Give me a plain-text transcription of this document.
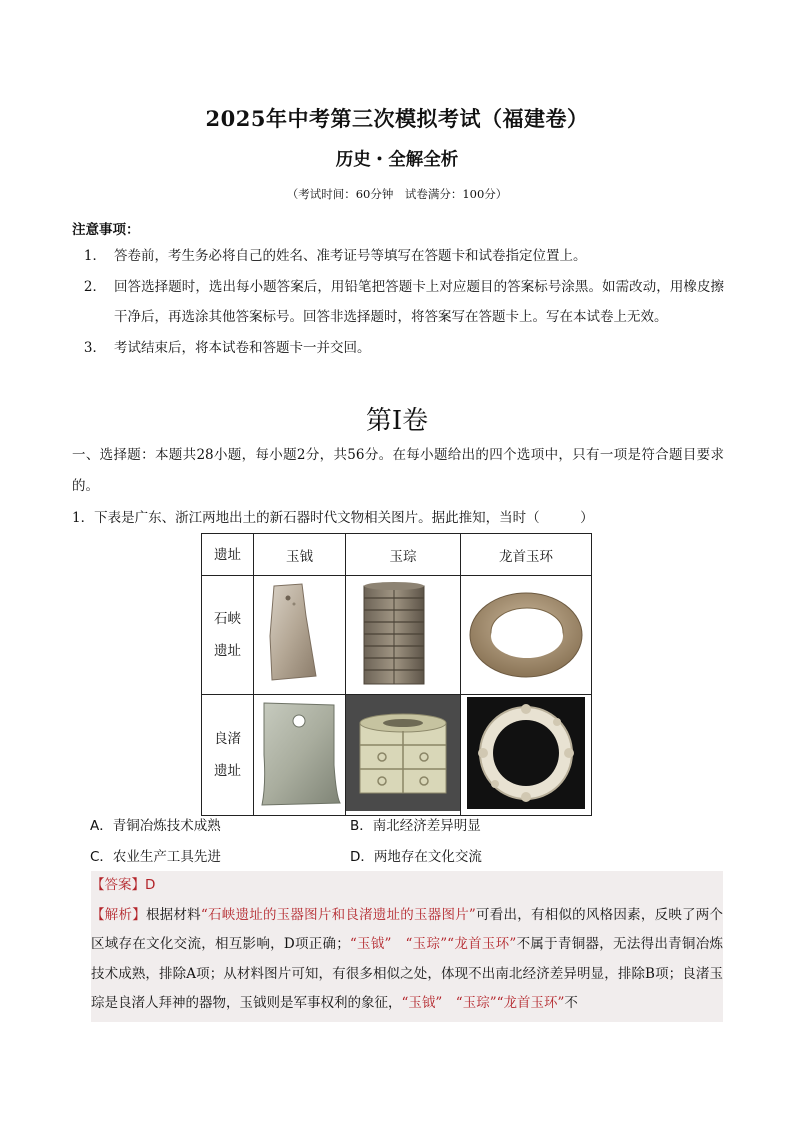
2025年中考第三次模拟考试（福建卷）
历史・全解全析
（考试时间：60分钟　试卷满分：100分）
注意事项：
1． 答卷前，考生务必将自己的姓名、准考证号等填写在答题卡和试卷指定位置上。
2． 回答选择题时，选出每小题答案后，用铅笔把答题卡上对应题目的答案标号涂黑。如需改动，用橡皮擦干净后，再选涂其他答案标号。回答非选择题时，将答案写在答题卡上。写在本试卷上无效。
3． 考试结束后，将本试卷和答题卡一并交回。
第Ⅰ卷
一、选择题：本题共28小题，每小题2分，共56分。在每小题给出的四个选项中，只有一项是符合题目要求的。
1．下表是广东、浙江两地出土的新石器时代文物相关图片。据此推知，当时（　　　）
遗址	玉钺	玉琮	龙首玉环

石峡
遗址

良渚
遗址

A．青铜冶炼技术成熟	B．南北经济差异明显
C．农业生产工具先进	D．两地存在文化交流
【答案】D
【解析】根据材料“石峡遗址的玉器图片和良渚遗址的玉器图片”可看出，有相似的风格因素，反映了两个区域存在文化交流，相互影响，D项正确；“玉钺”　“玉琮”“龙首玉环”不属于青铜器，无法得出青铜冶炼技术成熟，排除A项；从材料图片可知，有很多相似之处，体现不出南北经济差异明显，排除B项；良渚玉琮是良渚人拜神的器物，玉钺则是军事权利的象征，“玉钺”　“玉琮”“龙首玉环”不
